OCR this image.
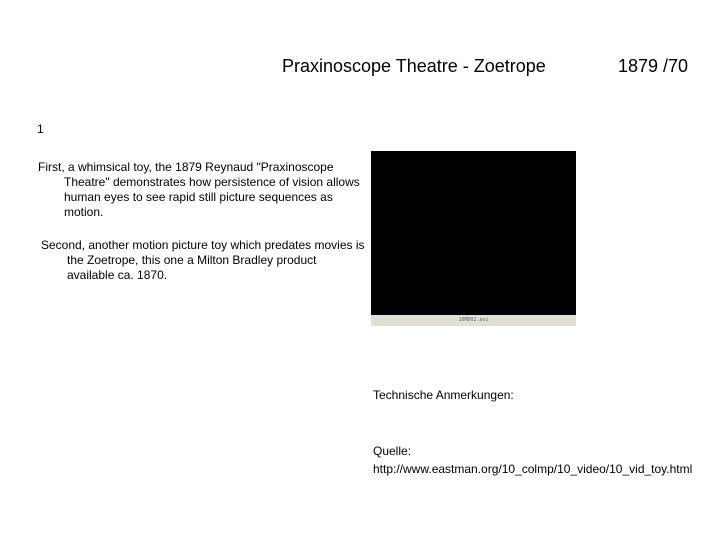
Praxinoscope Theatre - Zoetrope	1879 /70
1
First, a whimsical toy, the 1879 Reynaud "Praxinoscope Theatre" demonstrates how persistence of vision allows human eyes to see rapid still picture sequences as motion.
Second, another motion picture toy which predates movies is the Zoetrope, this one a Milton Bradley product available ca. 1870.
10MD02.avi
Technische Anmerkungen:
Quelle:
http://www.eastman.org/10_colmp/10_video/10_vid_toy.html
